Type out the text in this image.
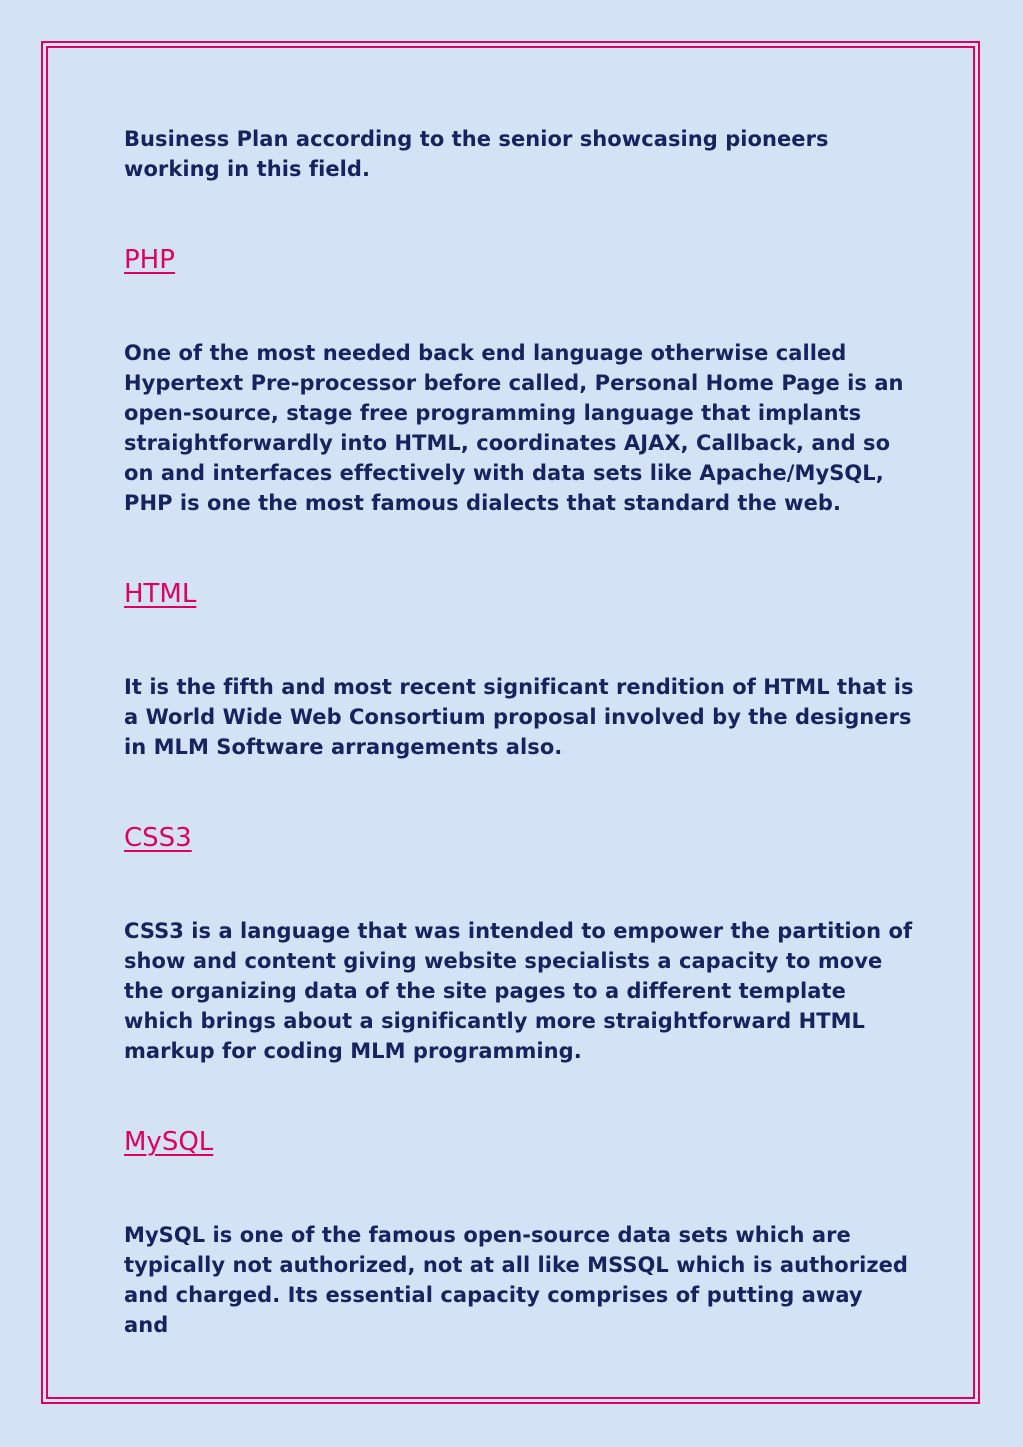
Business Plan according to the senior showcasing pioneers working in this field.

PHP

One of the most needed back end language otherwise called Hypertext Pre-processor before called, Personal Home Page is an open-source, stage free programming language that implants straightforwardly into HTML, coordinates AJAX, Callback, and so on and interfaces effectively with data sets like Apache/MySQL, PHP is one the most famous dialects that standard the web.

HTML

It is the fifth and most recent significant rendition of HTML that is a World Wide Web Consortium proposal involved by the designers in MLM Software arrangements also.

CSS3

CSS3 is a language that was intended to empower the partition of show and content giving website specialists a capacity to move the organizing data of the site pages to a different template which brings about a significantly more straightforward HTML markup for coding MLM programming.

MySQL

MySQL is one of the famous open-source data sets which are typically not authorized, not at all like MSSQL which is authorized and charged. Its essential capacity comprises of putting away and
